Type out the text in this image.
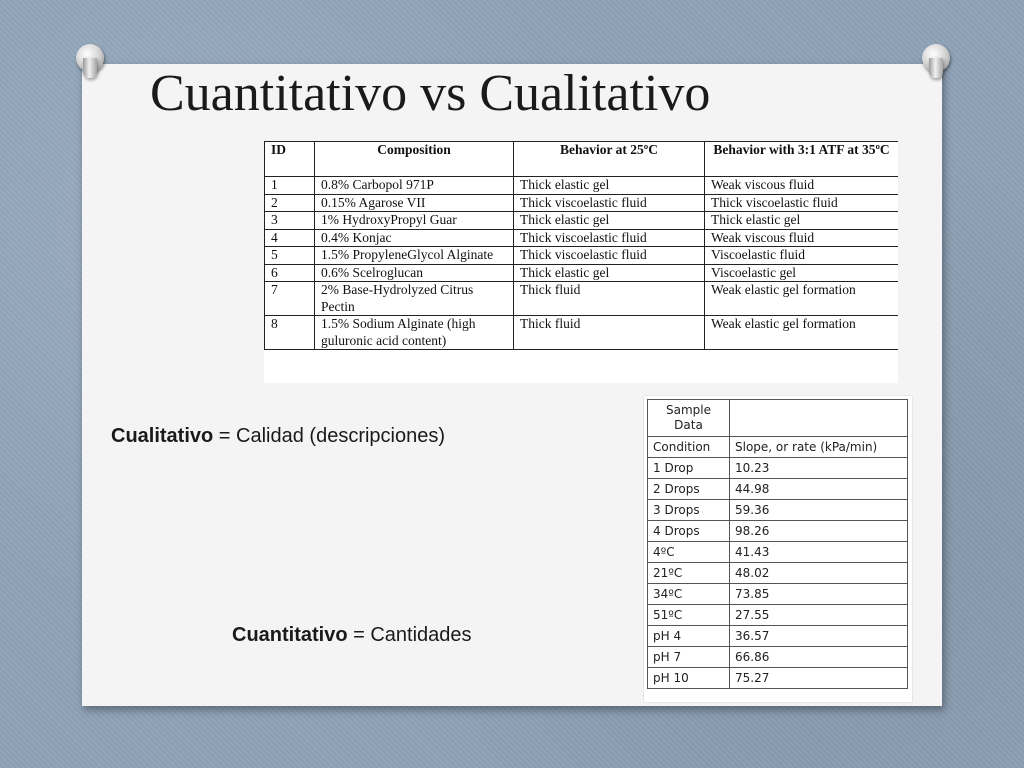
Cuantitativo vs Cualitativo
ID	Composition	Behavior at 25ºC	Behavior with 3:1 ATF at 35ºC
1	0.8% Carbopol 971P	Thick elastic gel	Weak viscous fluid
2	0.15% Agarose VII	Thick viscoelastic fluid	Thick viscoelastic fluid
3	1% HydroxyPropyl Guar	Thick elastic gel	Thick elastic gel
4	0.4% Konjac	Thick viscoelastic fluid	Weak viscous fluid
5	1.5% PropyleneGlycol Alginate	Thick viscoelastic fluid	Viscoelastic fluid
6	0.6% Scelroglucan	Thick elastic gel	Viscoelastic gel
7	2% Base-Hydrolyzed Citrus Pectin	Thick fluid	Weak elastic gel formation
8	1.5% Sodium Alginate (high guluronic acid content)	Thick fluid	Weak elastic gel formation
Cualitativo = Calidad (descripciones)
Cuantitativo = Cantidades
Sample Data	
Condition	Slope, or rate (kPa/min)
1 Drop	10.23
2 Drops	44.98
3 Drops	59.36
4 Drops	98.26
4ºC	41.43
21ºC	48.02
34ºC	73.85
51ºC	27.55
pH 4	36.57
pH 7	66.86
pH 10	75.27
